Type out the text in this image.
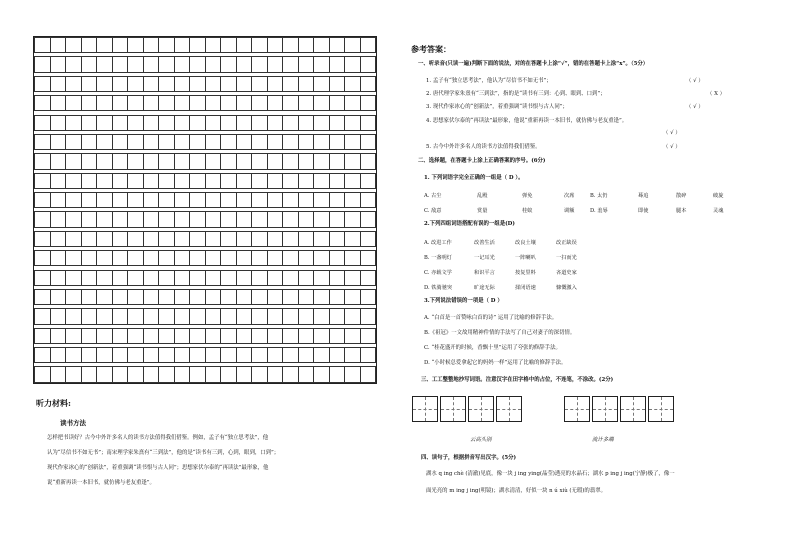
听力材料:
读书方法
怎样把书读好？古今中外许多名人的读书方法值得我们借鉴。例如，孟子有“独立思考法”，他
认为“尽信书不如无书”；南宋理学家朱熹有“三到法”，他的是“读书有三到，心到，眼到，口到”；
现代作家冰心的“创新法”，着重强调“读书恨与古人同”；思想家伏尔泰的“再读法”最形象，他
说“重新再读一本旧书，就仿佛与老友重逢”。
参考答案：
一、听录音(只读一遍)判断下面的说法，对的在答题卡上涂“√”，错的在答题卡上涂“x”。（5分）
1. 孟子有“独立思考法”，他认为“尽信书不如无书”；	（ √ ）
2. 唐代理学家朱熹有“三到法”，指的是“读书有三到：心到、眼到、口到”；	（ X ）
3. 现代作家冰心的“创新法”，着重强调“读书恨与古人同”；	（ √ ）
4. 思想家伏尔泰的“再读法”最形象，他说“重新再读一本旧书，就仿佛与老友重逢”。
（ √ ）
5. 古今中外许多名人的读书方法值得我们借鉴。	（ √ ）
二、选择题，在答题卡上涂上正确答案的序号。(6分)
1. 下列词语字完全正确的一组是（ D ）。
A. 古尘	乱殿	弹免	次席	B. 太仍	蓦追	散碎	破旋
C. 敌意	赏量	桂蚁	调额	D. 羞辱	即使	腿本	灵魂
2.下列四组词语搭配有误的一组是(D)
A. 改进工作	改善生活	改良土壤	改正缺误
B. 一盏明灯	一记耳光	一阵喇叭	一扫而光
C. 亦载文学	和识平言	按复里料	吝道史家
D. 铁骑驰突	旷途无际	揉闭语速	慷慨激入
3.下列说法错误的一项是（ D ）
A. “白首是一首赞咏白首的诗” 运用了比喻的修辞手法。
B.《祖冠》一文故用精神件情的手法写了自己对妻子的深切情。
C. “桂花盛开的时候，香飘十里”运用了夸张的修辞手法。
D. “小时候总爱拿起它的妈妈一样”运用了比喻的修辞手法。
三、工工整整地抄写词语。注意汉字在田字格中的占位，不连笔，不涂改。(2分)
云高头别	流计多端
四、读句子，根据拼音写出汉字。(5分)
湖水 q ing chè (清澈)见底，像一块 j ing ying(晶莹)透亮的水晶石；湖水 p ing j ing(宁静)极了，像一
面光亮的 m ing j ing(明镜)；湖水清清，好似一块 n ú xiù (无瑕)的翡翠。
